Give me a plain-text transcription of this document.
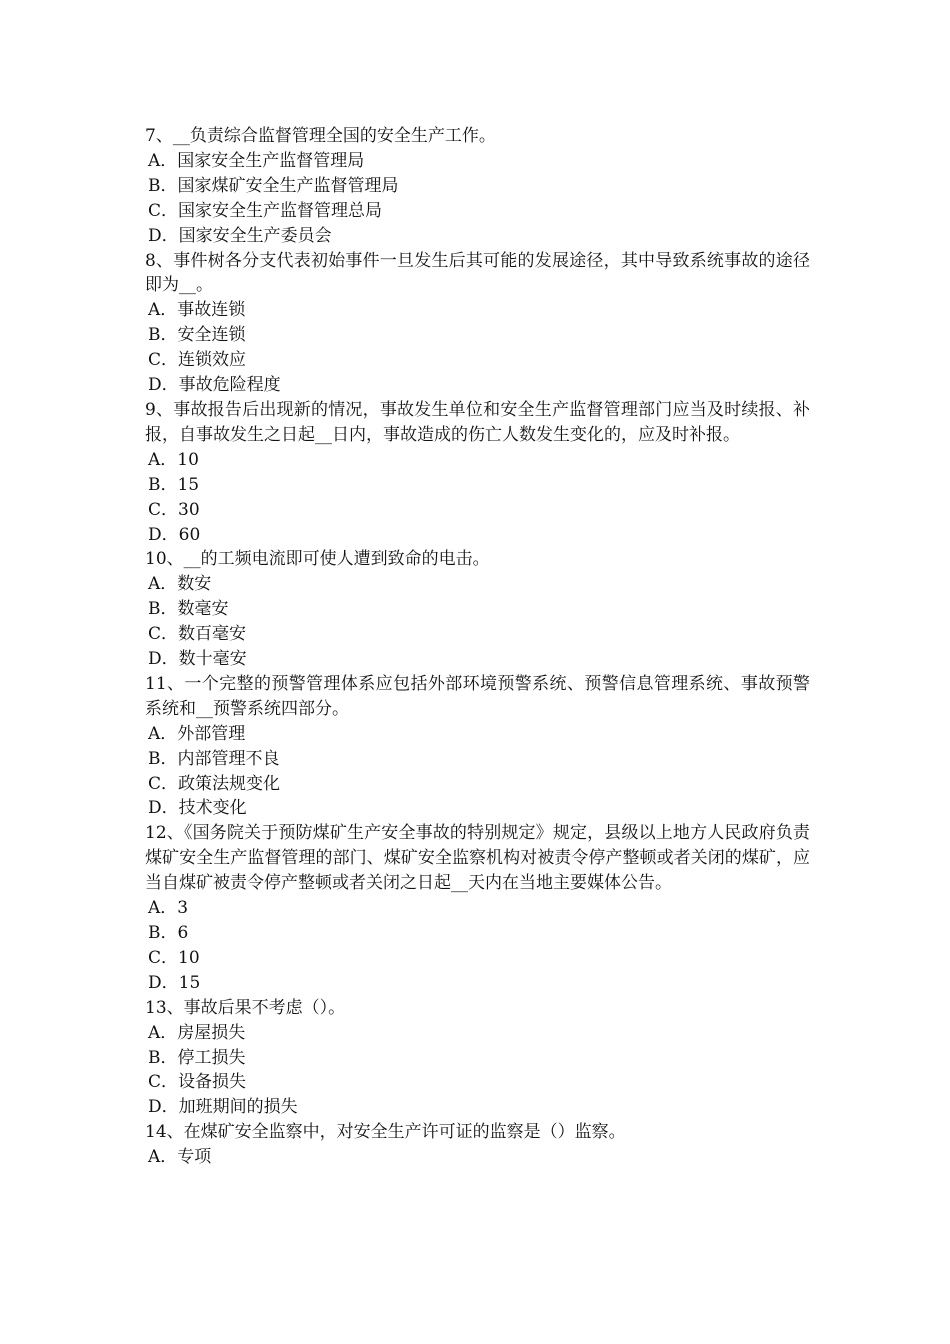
7、__负责综合监督管理全国的安全生产工作。

A．国家安全生产监督管理局

B．国家煤矿安全生产监督管理局

C．国家安全生产监督管理总局

D．国家安全生产委员会

8、事件树各分支代表初始事件一旦发生后其可能的发展途径，其中导致系统事故的途径即为__。

A．事故连锁

B．安全连锁

C．连锁效应

D．事故危险程度

9、事故报告后出现新的情况，事故发生单位和安全生产监督管理部门应当及时续报、补报，自事故发生之日起__日内，事故造成的伤亡人数发生变化的，应及时补报。

A．10

B．15

C．30

D．60

10、__的工频电流即可使人遭到致命的电击。

A．数安

B．数毫安

C．数百毫安

D．数十毫安

11、一个完整的预警管理体系应包括外部环境预警系统、预警信息管理系统、事故预警系统和__预警系统四部分。

A．外部管理

B．内部管理不良

C．政策法规变化

D．技术变化

12、《国务院关于预防煤矿生产安全事故的特别规定》规定，县级以上地方人民政府负责煤矿安全生产监督管理的部门、煤矿安全监察机构对被责令停产整顿或者关闭的煤矿，应当自煤矿被责令停产整顿或者关闭之日起__天内在当地主要媒体公告。

A．3

B．6

C．10

D．15

13、事故后果不考虑（）。

A．房屋损失

B．停工损失

C．设备损失

D．加班期间的损失

14、在煤矿安全监察中，对安全生产许可证的监察是（）监察。

A．专项
